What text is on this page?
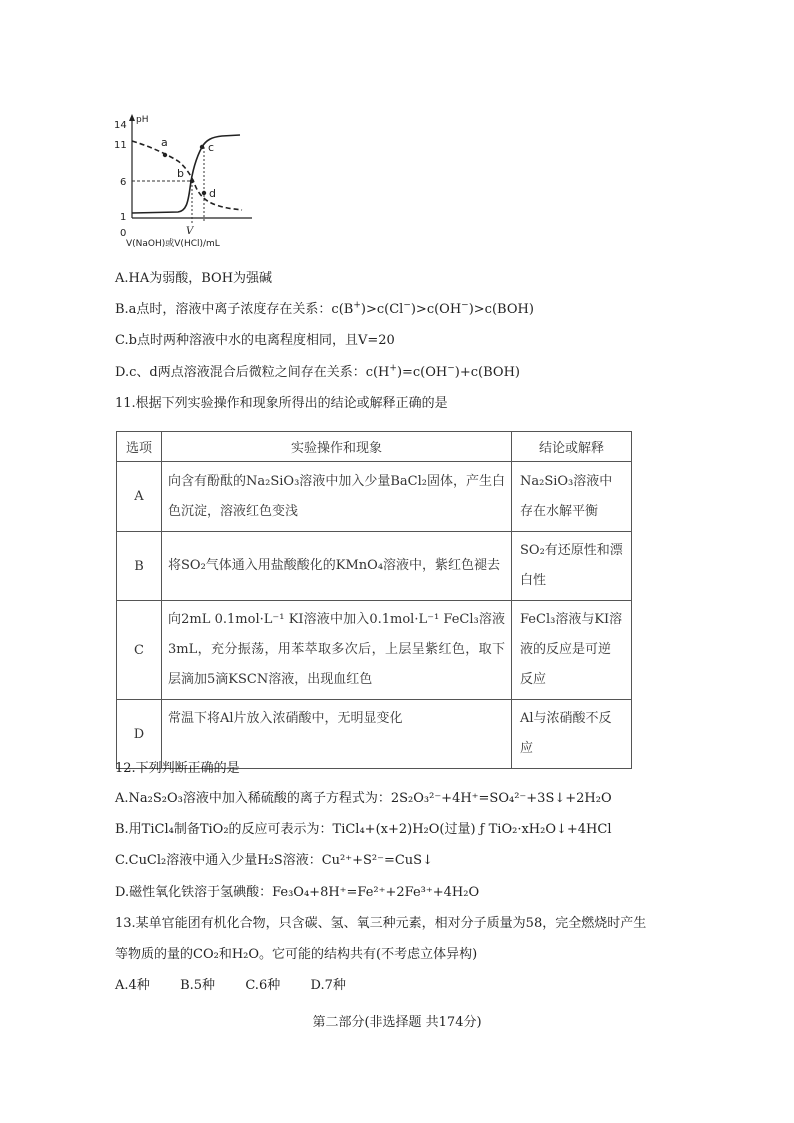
pH
14
11
6
1
0
a
b
c
d
V
V(NaOH)或V(HCl)/mL
A.HA为弱酸，BOH为强碱
B.a点时，溶液中离子浓度存在关系：c(B+)>c(Cl−)>c(OH−)>c(BOH)
C.b点时两种溶液中水的电离程度相同，且V=20
D.c、d两点溶液混合后微粒之间存在关系：c(H+)=c(OH−)+c(BOH)
11.根据下列实验操作和现象所得出的结论或解释正确的是
选项	实验操作和现象	结论或解释
A	向含有酚酞的Na₂SiO₃溶液中加入少量BaCl₂固体，产生白色沉淀，溶液红色变浅	Na₂SiO₃溶液中存在水解平衡
B	将SO₂气体通入用盐酸酸化的KMnO₄溶液中，紫红色褪去	SO₂有还原性和漂白性
C	向2mL 0.1mol·L⁻¹ KI溶液中加入0.1mol·L⁻¹ FeCl₃溶液3mL，充分振荡，用苯萃取多次后，上层呈紫红色，取下层滴加5滴KSCN溶液，出现血红色	FeCl₃溶液与KI溶液的反应是可逆反应
D	常温下将Al片放入浓硝酸中，无明显变化	Al与浓硝酸不反应
12.下列判断正确的是
A.Na₂S₂O₃溶液中加入稀硫酸的离子方程式为：2S₂O₃²⁻+4H⁺=SO₄²⁻+3S↓+2H₂O
B.用TiCl₄制备TiO₂的反应可表示为：TiCl₄+(x+2)H₂O(过量) ƒ TiO₂·xH₂O↓+4HCl
C.CuCl₂溶液中通入少量H₂S溶液：Cu²⁺+S²⁻=CuS↓
D.磁性氧化铁溶于氢碘酸：Fe₃O₄+8H⁺=Fe²⁺+2Fe³⁺+4H₂O
13.某单官能团有机化合物，只含碳、氢、氧三种元素，相对分子质量为58，完全燃烧时产生
等物质的量的CO₂和H₂O。它可能的结构共有(不考虑立体异构)
A.4种 B.5种 C.6种 D.7种
第二部分(非选择题 共174分)
